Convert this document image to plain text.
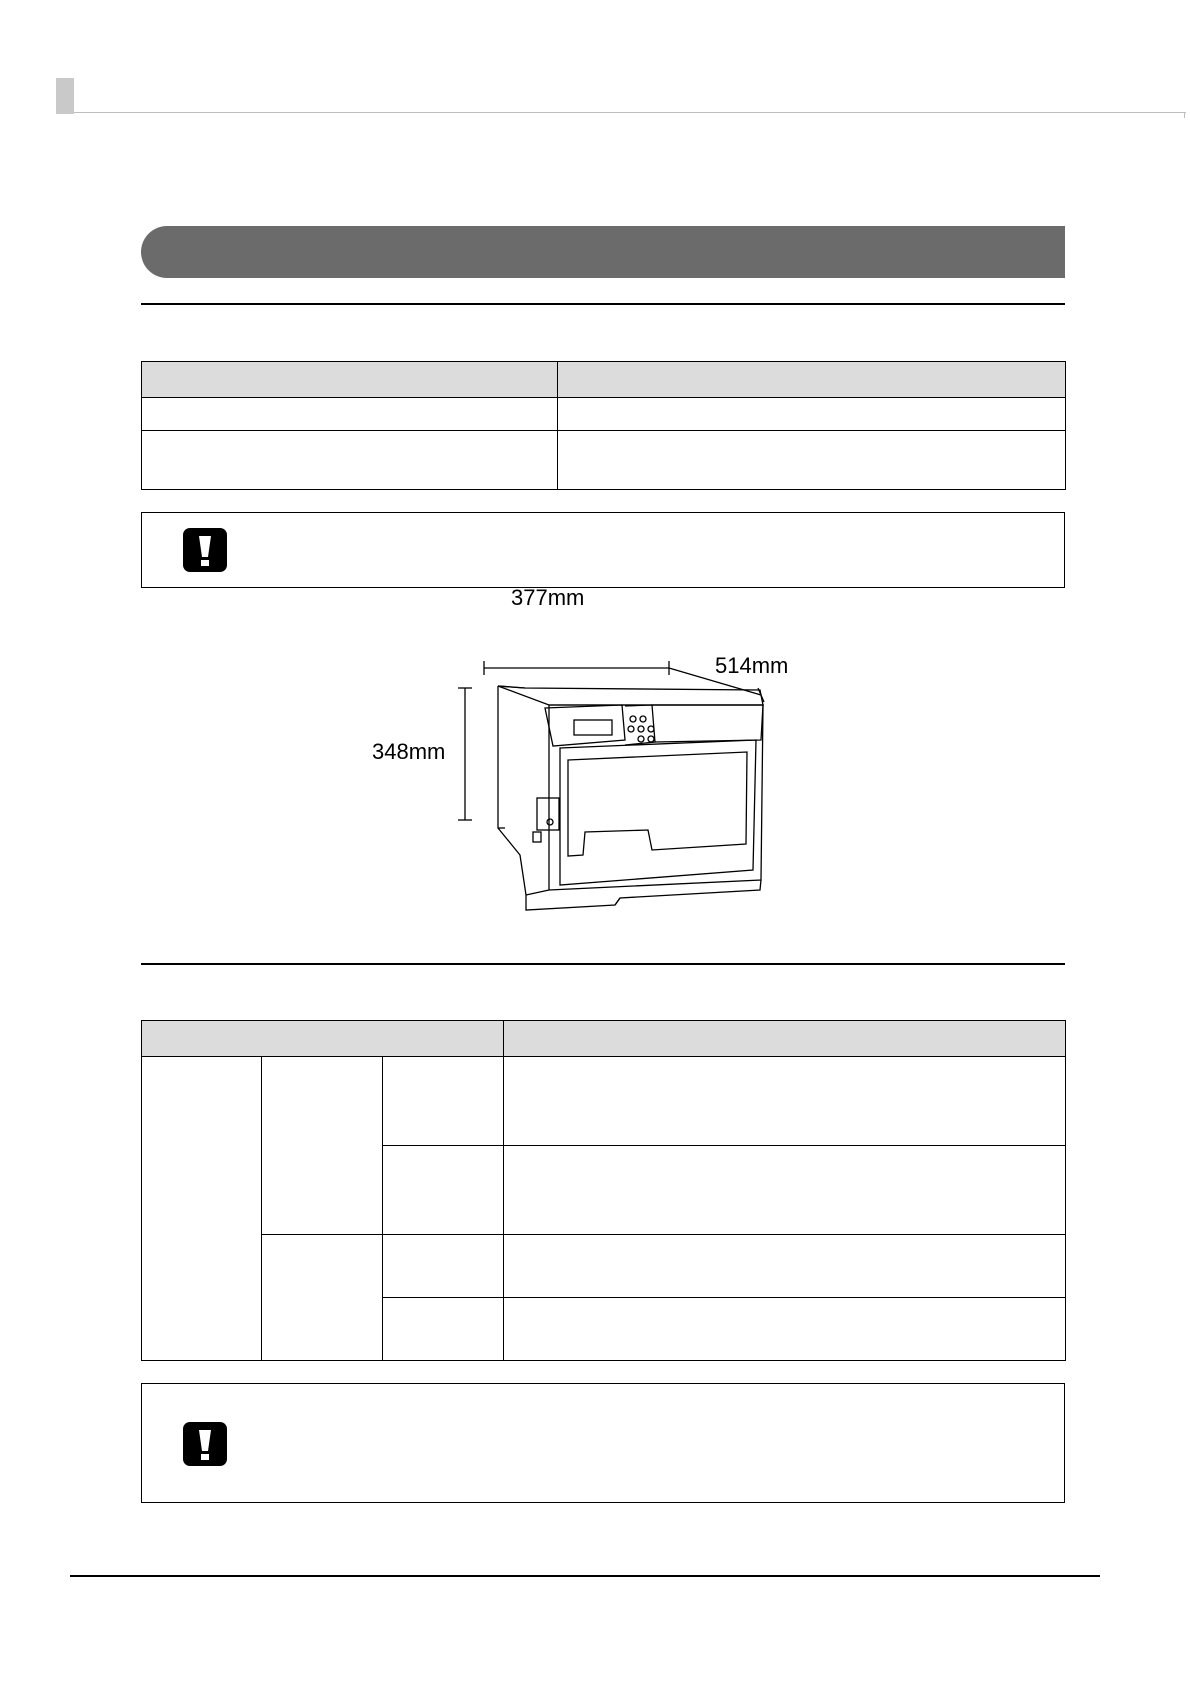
377mm
514mm
348mm
